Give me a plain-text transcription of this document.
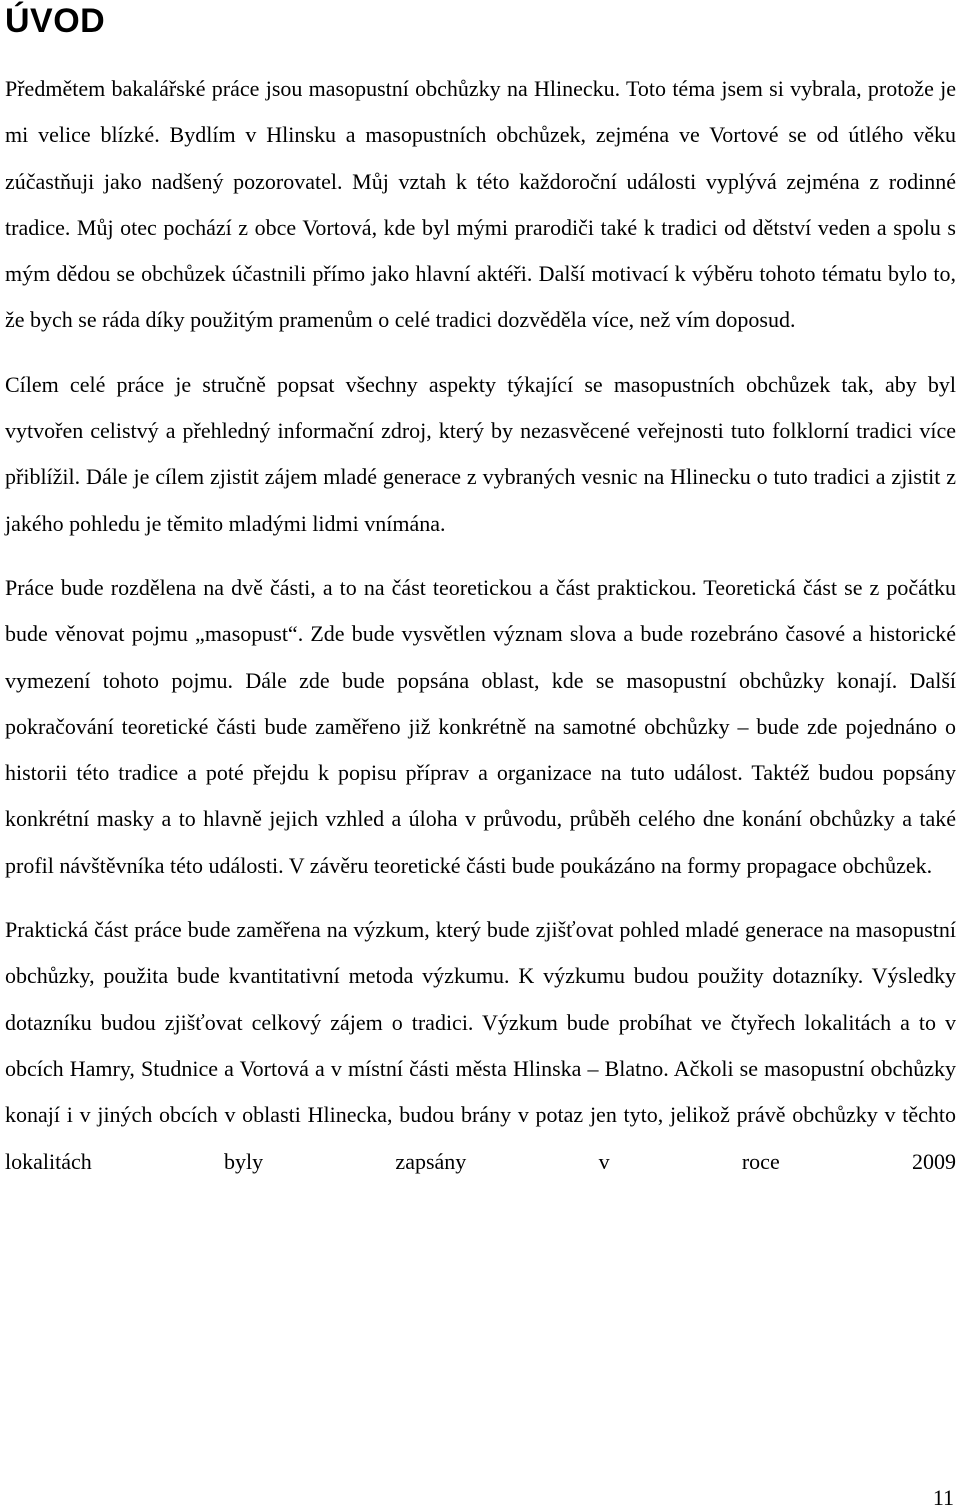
ÚVOD

Předmětem bakalářské práce jsou masopustní obchůzky na Hlinecku. Toto téma jsem si vybrala, protože je mi velice blízké. Bydlím v Hlinsku a masopustních obchůzek, zejména ve Vortové se od útlého věku zúčastňuji jako nadšený pozorovatel. Můj vztah k této každoroční události vyplývá zejména z rodinné tradice. Můj otec pochází z obce Vortová, kde byl mými prarodiči také k tradici od dětství veden a spolu s mým dědou se obchůzek účastnili přímo jako hlavní aktéři. Další motivací k výběru tohoto tématu bylo to, že bych se ráda díky použitým pramenům o celé tradici dozvěděla více, než vím doposud.

Cílem celé práce je stručně popsat všechny aspekty týkající se masopustních obchůzek tak, aby byl vytvořen celistvý a přehledný informační zdroj, který by nezasvěcené veřejnosti tuto folklorní tradici více přiblížil. Dále je cílem zjistit zájem mladé generace z vybraných vesnic na Hlinecku o tuto tradici a zjistit z jakého pohledu je těmito mladými lidmi vnímána.

Práce bude rozdělena na dvě části, a to na část teoretickou a část praktickou. Teoretická část se z počátku bude věnovat pojmu „masopust“. Zde bude vysvětlen význam slova a bude rozebráno časové a historické vymezení tohoto pojmu. Dále zde bude popsána oblast, kde se masopustní obchůzky konají. Další pokračování teoretické části bude zaměřeno již konkrétně na samotné obchůzky – bude zde pojednáno o historii této tradice a poté přejdu k popisu příprav a organizace na tuto událost. Taktéž budou popsány konkrétní masky a to hlavně jejich vzhled a úloha v průvodu, průběh celého dne konání obchůzky a také profil návštěvníka této události. V závěru teoretické části bude poukázáno na formy propagace obchůzek.

Praktická část práce bude zaměřena na výzkum, který bude zjišťovat pohled mladé generace na masopustní obchůzky, použita bude kvantitativní metoda výzkumu. K výzkumu budou použity dotazníky. Výsledky dotazníku budou zjišťovat celkový zájem o tradici. Výzkum bude probíhat ve čtyřech lokalitách a to v obcích Hamry, Studnice a Vortová a v místní části města Hlinska – Blatno. Ačkoli se masopustní obchůzky konají i v jiných obcích v oblasti Hlinecka, budou brány v potaz jen tyto, jelikož právě obchůzky v těchto lokalitách byly zapsány v roce 2009

11
